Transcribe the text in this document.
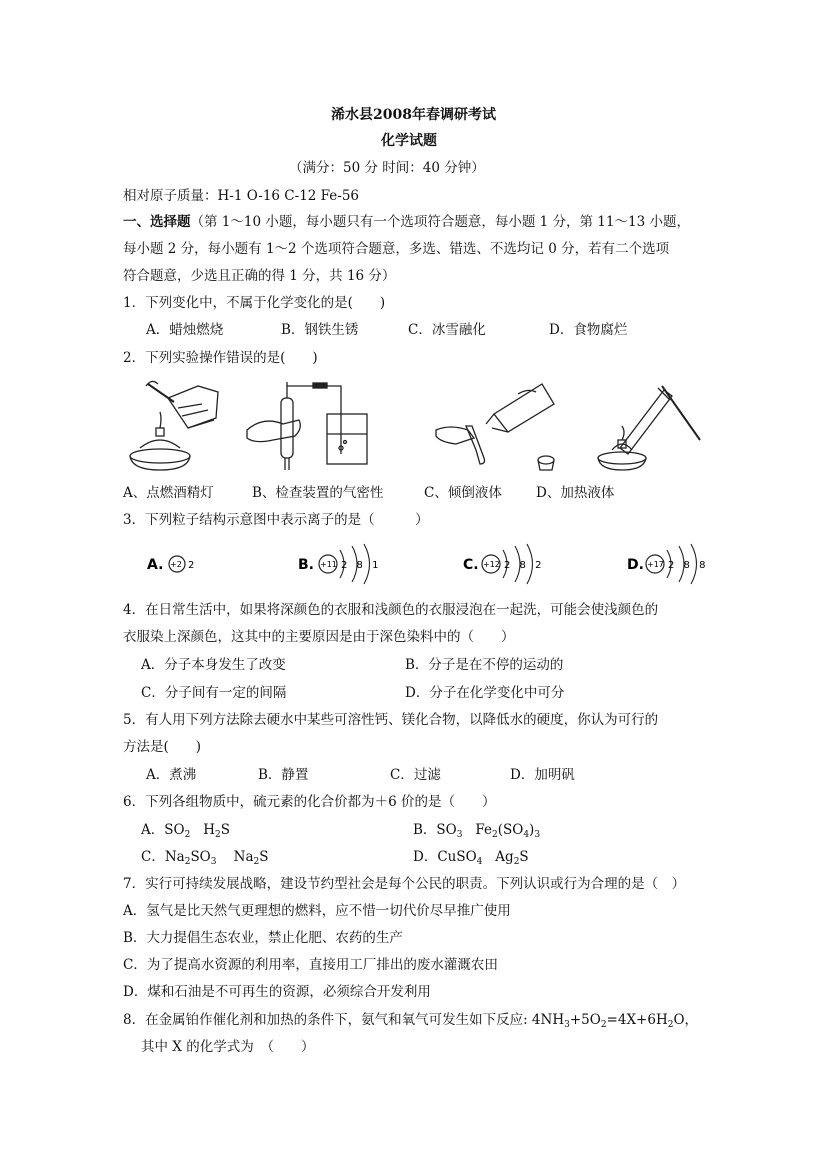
浠水县2008年春调研考试
化学试题
（满分：50 分 时间：40 分钟）
相对原子质量：H-1 O-16 C-12 Fe-56
一、选择题（第 1～10 小题，每小题只有一个选项符合题意，每小题 1 分，第 11～13 小题，
每小题 2 分，每小题有 1～2 个选项符合题意，多选、错选、不选均记 0 分，若有二个选项
符合题意，少选且正确的得 1 分，共 16 分）
1．下列变化中，不属于化学变化的是(　　)
A．蜡烛燃烧	B．钢铁生锈	C．冰雪融化	D．食物腐烂
2．下列实验操作错误的是(　　)
A、点燃酒精灯	B、检查装置的气密性	C、倾倒液体	D、加热液体
3．下列粒子结构示意图中表示离子的是（　　　）
A. +2 2	B. +11 2 8 1	C. +12 2 8 2	D. +17 2 8 8
4．在日常生活中，如果将深颜色的衣服和浅颜色的衣服浸泡在一起洗，可能会使浅颜色的
衣服染上深颜色，这其中的主要原因是由于深色染料中的（　　）
A．分子本身发生了改变	B．分子是在不停的运动的
C．分子间有一定的间隔	D．分子在化学变化中可分
5．有人用下列方法除去硬水中某些可溶性钙、镁化合物，以降低水的硬度，你认为可行的
方法是(　　)
A．煮沸	B．静置	C．过滤	D．加明矾
6．下列各组物质中，硫元素的化合价都为＋6 价的是（　　）
A．$SO_2$ $H_2S$	B．$SO_3$ $Fe_2(SO_4)_3$
C．$Na_2SO_3$ $Na_2S$	D．CuSO$_4$ $Ag_2S$
7．实行可持续发展战略，建设节约型社会是每个公民的职责。下列认识或行为合理的是（　）
A．氢气是比天然气更理想的燃料，应不惜一切代价尽早推广使用
B．大力提倡生态农业，禁止化肥、农药的生产
C．为了提高水资源的利用率，直接用工厂排出的废水灌溉农田
D．煤和石油是不可再生的资源，必须综合开发利用
8．在金属铂作催化剂和加热的条件下，氨气和氧气可发生如下反应: $4NH_3+5O_2=4X+6H_2O$，
其中 X 的化学式为　（　　）
